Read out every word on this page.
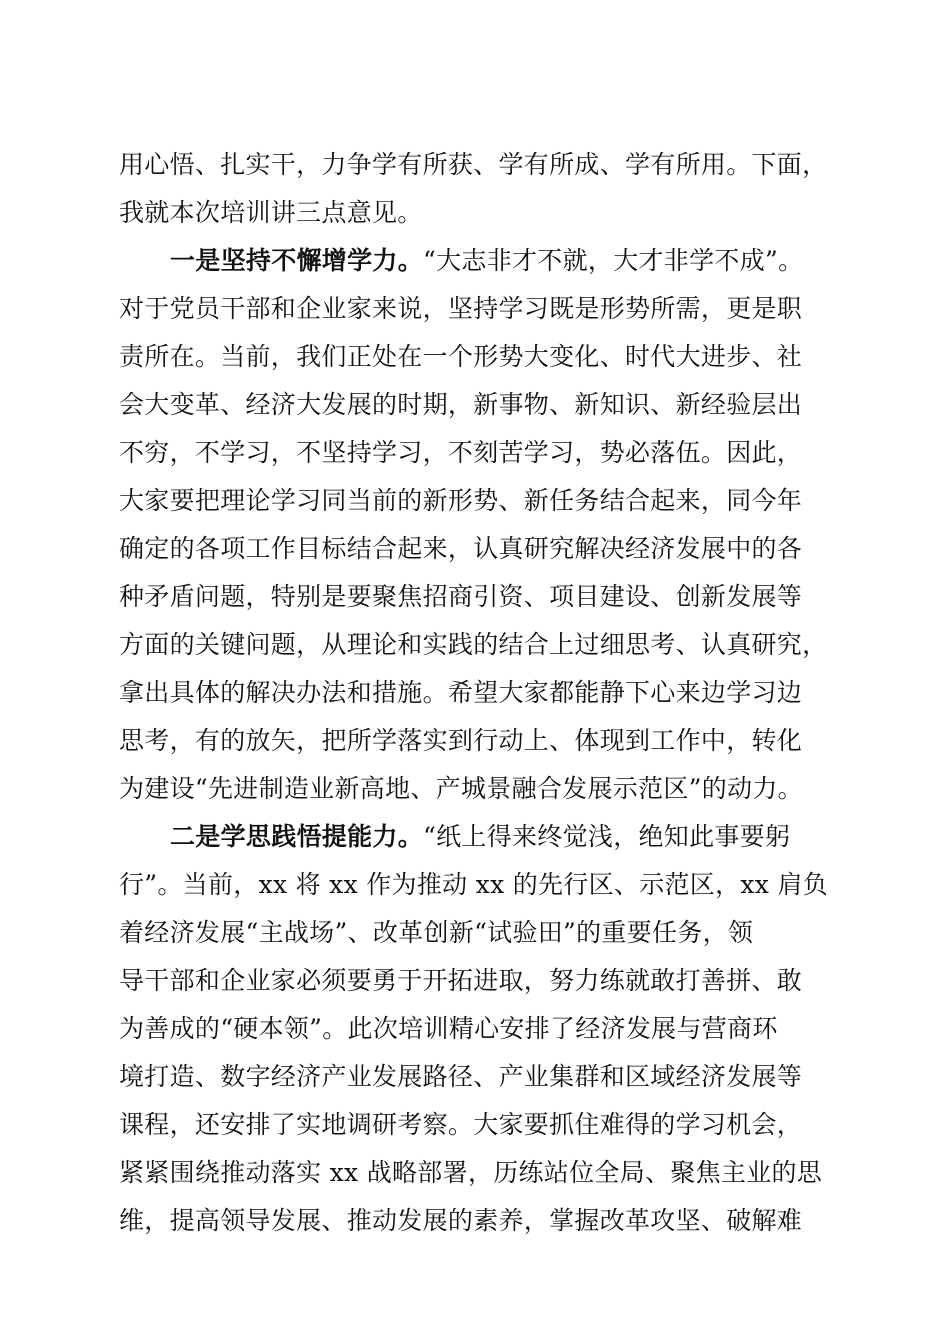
用心悟、扎实干，力争学有所获、学有所成、学有所用。下面，
我就本次培训讲三点意见。
一是坚持不懈增学力。“大志非才不就，大才非学不成”。
对于党员干部和企业家来说，坚持学习既是形势所需，更是职
责所在。当前，我们正处在一个形势大变化、时代大进步、社
会大变革、经济大发展的时期，新事物、新知识、新经验层出
不穷，不学习，不坚持学习，不刻苦学习，势必落伍。因此，
大家要把理论学习同当前的新形势、新任务结合起来，同今年
确定的各项工作目标结合起来，认真研究解决经济发展中的各
种矛盾问题，特别是要聚焦招商引资、项目建设、创新发展等
方面的关键问题，从理论和实践的结合上过细思考、认真研究，
拿出具体的解决办法和措施。希望大家都能静下心来边学习边
思考，有的放矢，把所学落实到行动上、体现到工作中，转化
为建设“先进制造业新高地、产城景融合发展示范区”的动力。
二是学思践悟提能力。“纸上得来终觉浅，绝知此事要躬
行”。当前，xx 将 xx 作为推动 xx 的先行区、示范区，xx 肩负
着经济发展“主战场”、改革创新“试验田”的重要任务，领
导干部和企业家必须要勇于开拓进取，努力练就敢打善拼、敢
为善成的“硬本领”。此次培训精心安排了经济发展与营商环
境打造、数字经济产业发展路径、产业集群和区域经济发展等
课程，还安排了实地调研考察。大家要抓住难得的学习机会，
紧紧围绕推动落实 xx 战略部署，历练站位全局、聚焦主业的思
维，提高领导发展、推动发展的素养，掌握改革攻坚、破解难
